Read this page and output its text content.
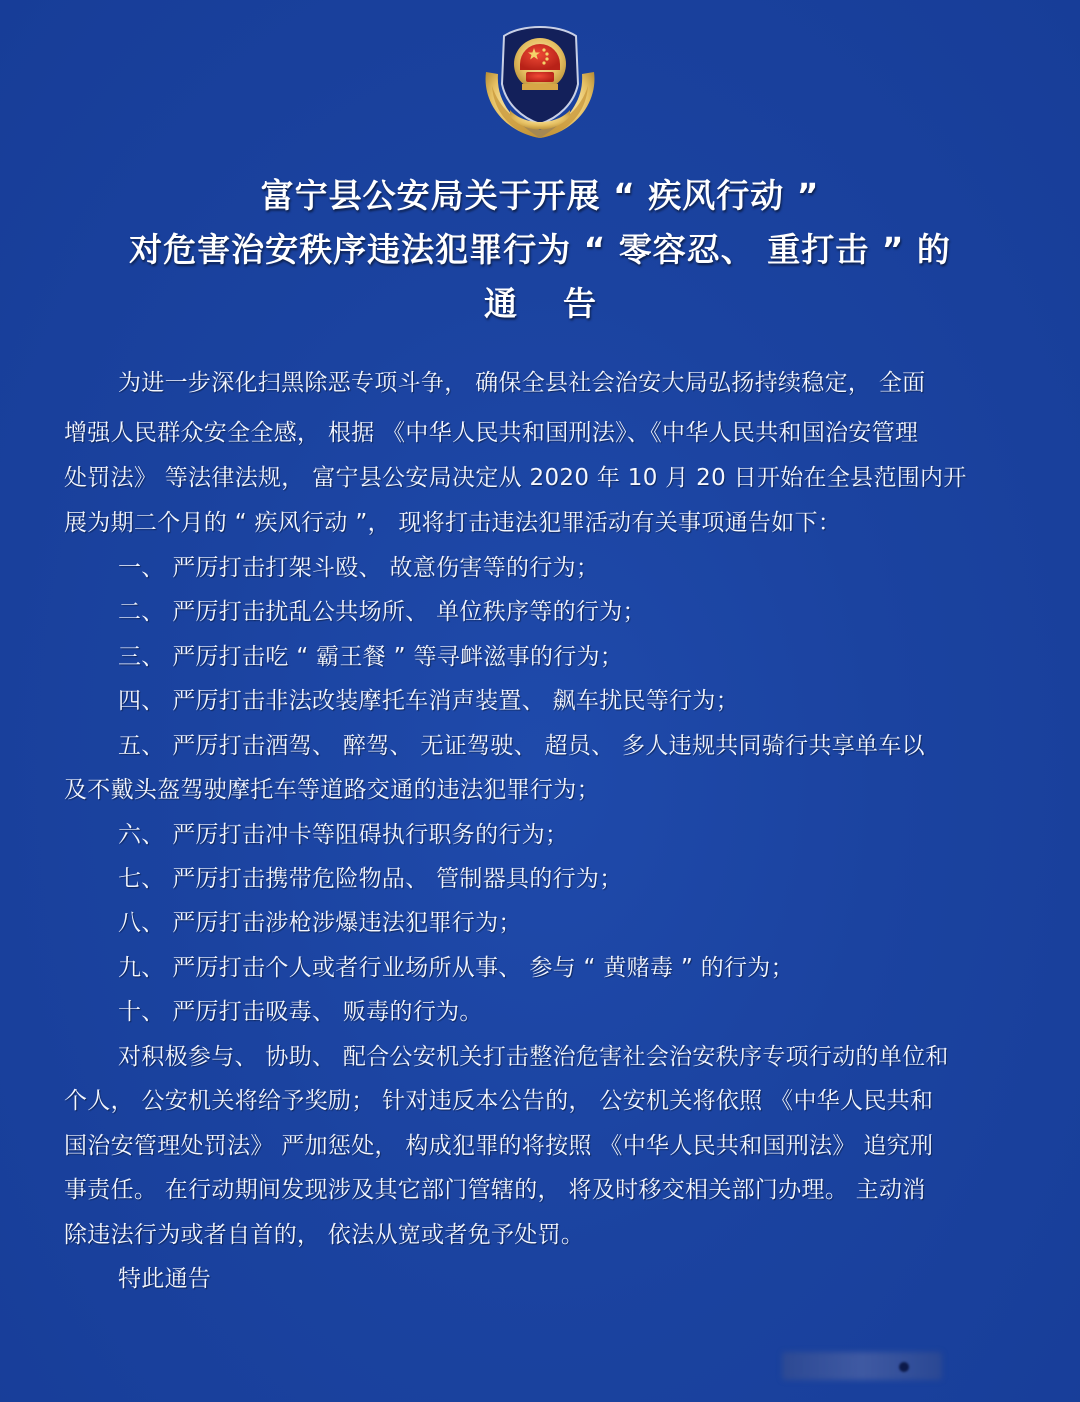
富宁县公安局关于开展 “ 疾风行动 ”
对危害治安秩序违法犯罪行为 “ 零容忍、 重打击 ” 的
通 告
为进一步深化扫黑除恶专项斗争， 确保全县社会治安大局弘扬持续稳定， 全面
增强人民群众安全全感， 根据 《中华人民共和国刑法》、《中华人民共和国治安管理
处罚法》 等法律法规， 富宁县公安局决定从 2020 年 10 月 20 日开始在全县范围内开
展为期二个月的 “ 疾风行动 ”， 现将打击违法犯罪活动有关事项通告如下：
一、 严厉打击打架斗殴、 故意伤害等的行为；
二、 严厉打击扰乱公共场所、 单位秩序等的行为；
三、 严厉打击吃 “ 霸王餐 ” 等寻衅滋事的行为；
四、 严厉打击非法改装摩托车消声装置、 飙车扰民等行为；
五、 严厉打击酒驾、 醉驾、 无证驾驶、 超员、 多人违规共同骑行共享单车以
及不戴头盔驾驶摩托车等道路交通的违法犯罪行为；
六、 严厉打击冲卡等阻碍执行职务的行为；
七、 严厉打击携带危险物品、 管制器具的行为；
八、 严厉打击涉枪涉爆违法犯罪行为；
九、 严厉打击个人或者行业场所从事、 参与 “ 黄赌毒 ” 的行为；
十、 严厉打击吸毒、 贩毒的行为。
对积极参与、 协助、 配合公安机关打击整治危害社会治安秩序专项行动的单位和
个人， 公安机关将给予奖励； 针对违反本公告的， 公安机关将依照 《中华人民共和
国治安管理处罚法》 严加惩处， 构成犯罪的将按照 《中华人民共和国刑法》 追究刑
事责任。 在行动期间发现涉及其它部门管辖的， 将及时移交相关部门办理。 主动消
除违法行为或者自首的， 依法从宽或者免予处罚。
特此通告
